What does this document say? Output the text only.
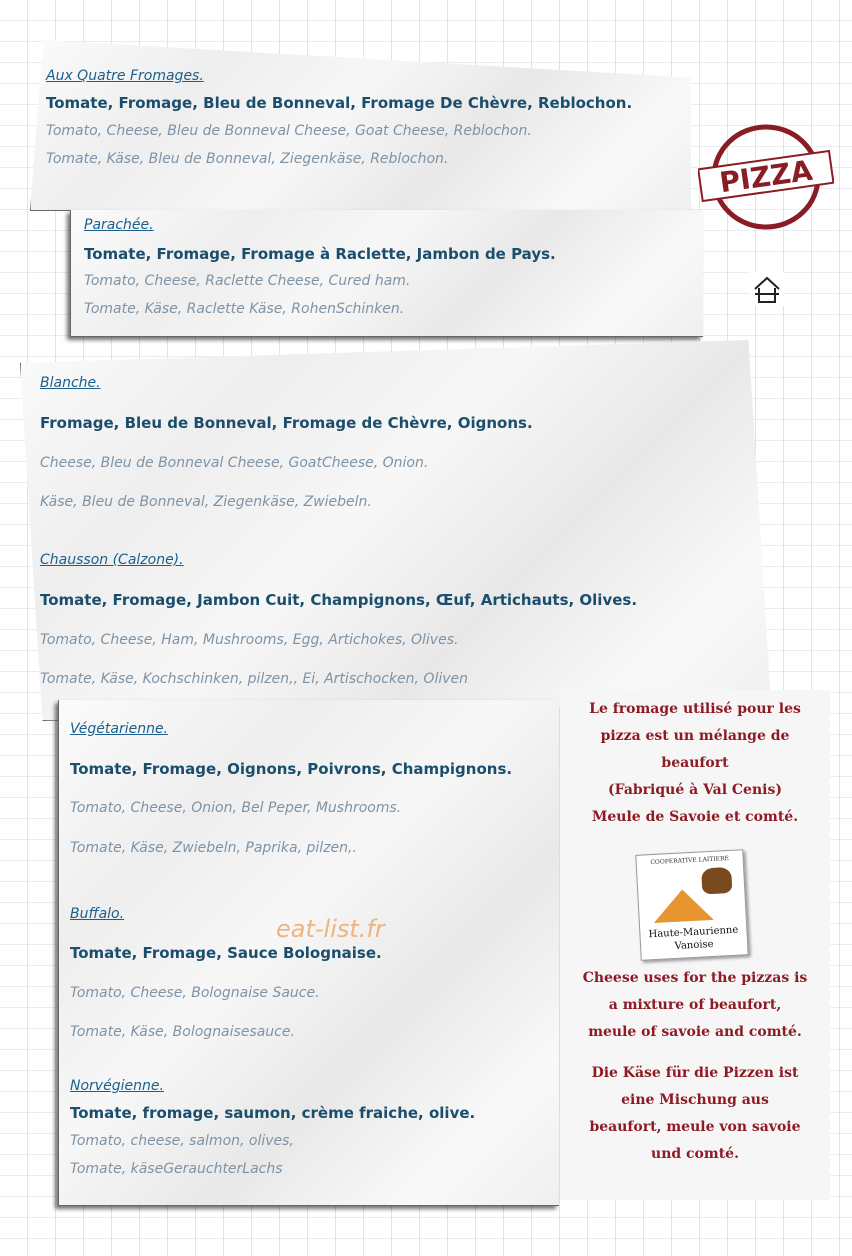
PIZZA
Aux Quatre Fromages.
Tomate, Fromage, Bleu de Bonneval, Fromage De Chèvre, Reblochon.
Tomato, Cheese, Bleu de Bonneval Cheese, Goat Cheese, Reblochon.
Tomate, Käse, Bleu de Bonneval, Ziegenkäse, Reblochon.
Parachée.
Tomate, Fromage, Fromage à Raclette, Jambon de Pays.
Tomato, Cheese, Raclette Cheese, Cured ham.
Tomate, Käse, Raclette Käse, RohenSchinken.
Blanche.
Fromage, Bleu de Bonneval, Fromage de Chèvre, Oignons.
Cheese, Bleu de Bonneval Cheese, GoatCheese, Onion.
Käse, Bleu de Bonneval, Ziegenkäse, Zwiebeln.
Chausson (Calzone).
Tomate, Fromage, Jambon Cuit, Champignons, Œuf, Artichauts, Olives.
Tomato, Cheese, Ham, Mushrooms, Egg, Artichokes, Olives.
Tomate, Käse, Kochschinken, pilzen,, Ei, Artischocken, Oliven
Végétarienne.
Tomate, Fromage, Oignons, Poivrons, Champignons.
Tomato, Cheese, Onion, Bel Peper, Mushrooms.
Tomate, Käse, Zwiebeln, Paprika, pilzen,.
Buffalo.
Tomate, Fromage, Sauce Bolognaise.
Tomato, Cheese, Bolognaise Sauce.
Tomate, Käse, Bolognaisesauce.
Norvégienne.
Tomate, fromage, saumon, crème fraiche, olive.
Tomato, cheese, salmon, olives,
Tomate, käseGerauchterLachs
eat-list.fr

Le fromage utilisé pour les

pizza est un mélange de

beaufort

(Fabriqué à Val Cenis)

Meule de Savoie et comté.

COOPERATIVE LAITIERE
Haute-Maurienne
Vanoise

Cheese uses for the pizzas is

a mixture of beaufort,

meule of savoie and comté.

Die Käse für die Pizzen ist

eine Mischung aus

beaufort, meule von savoie

und comté.
